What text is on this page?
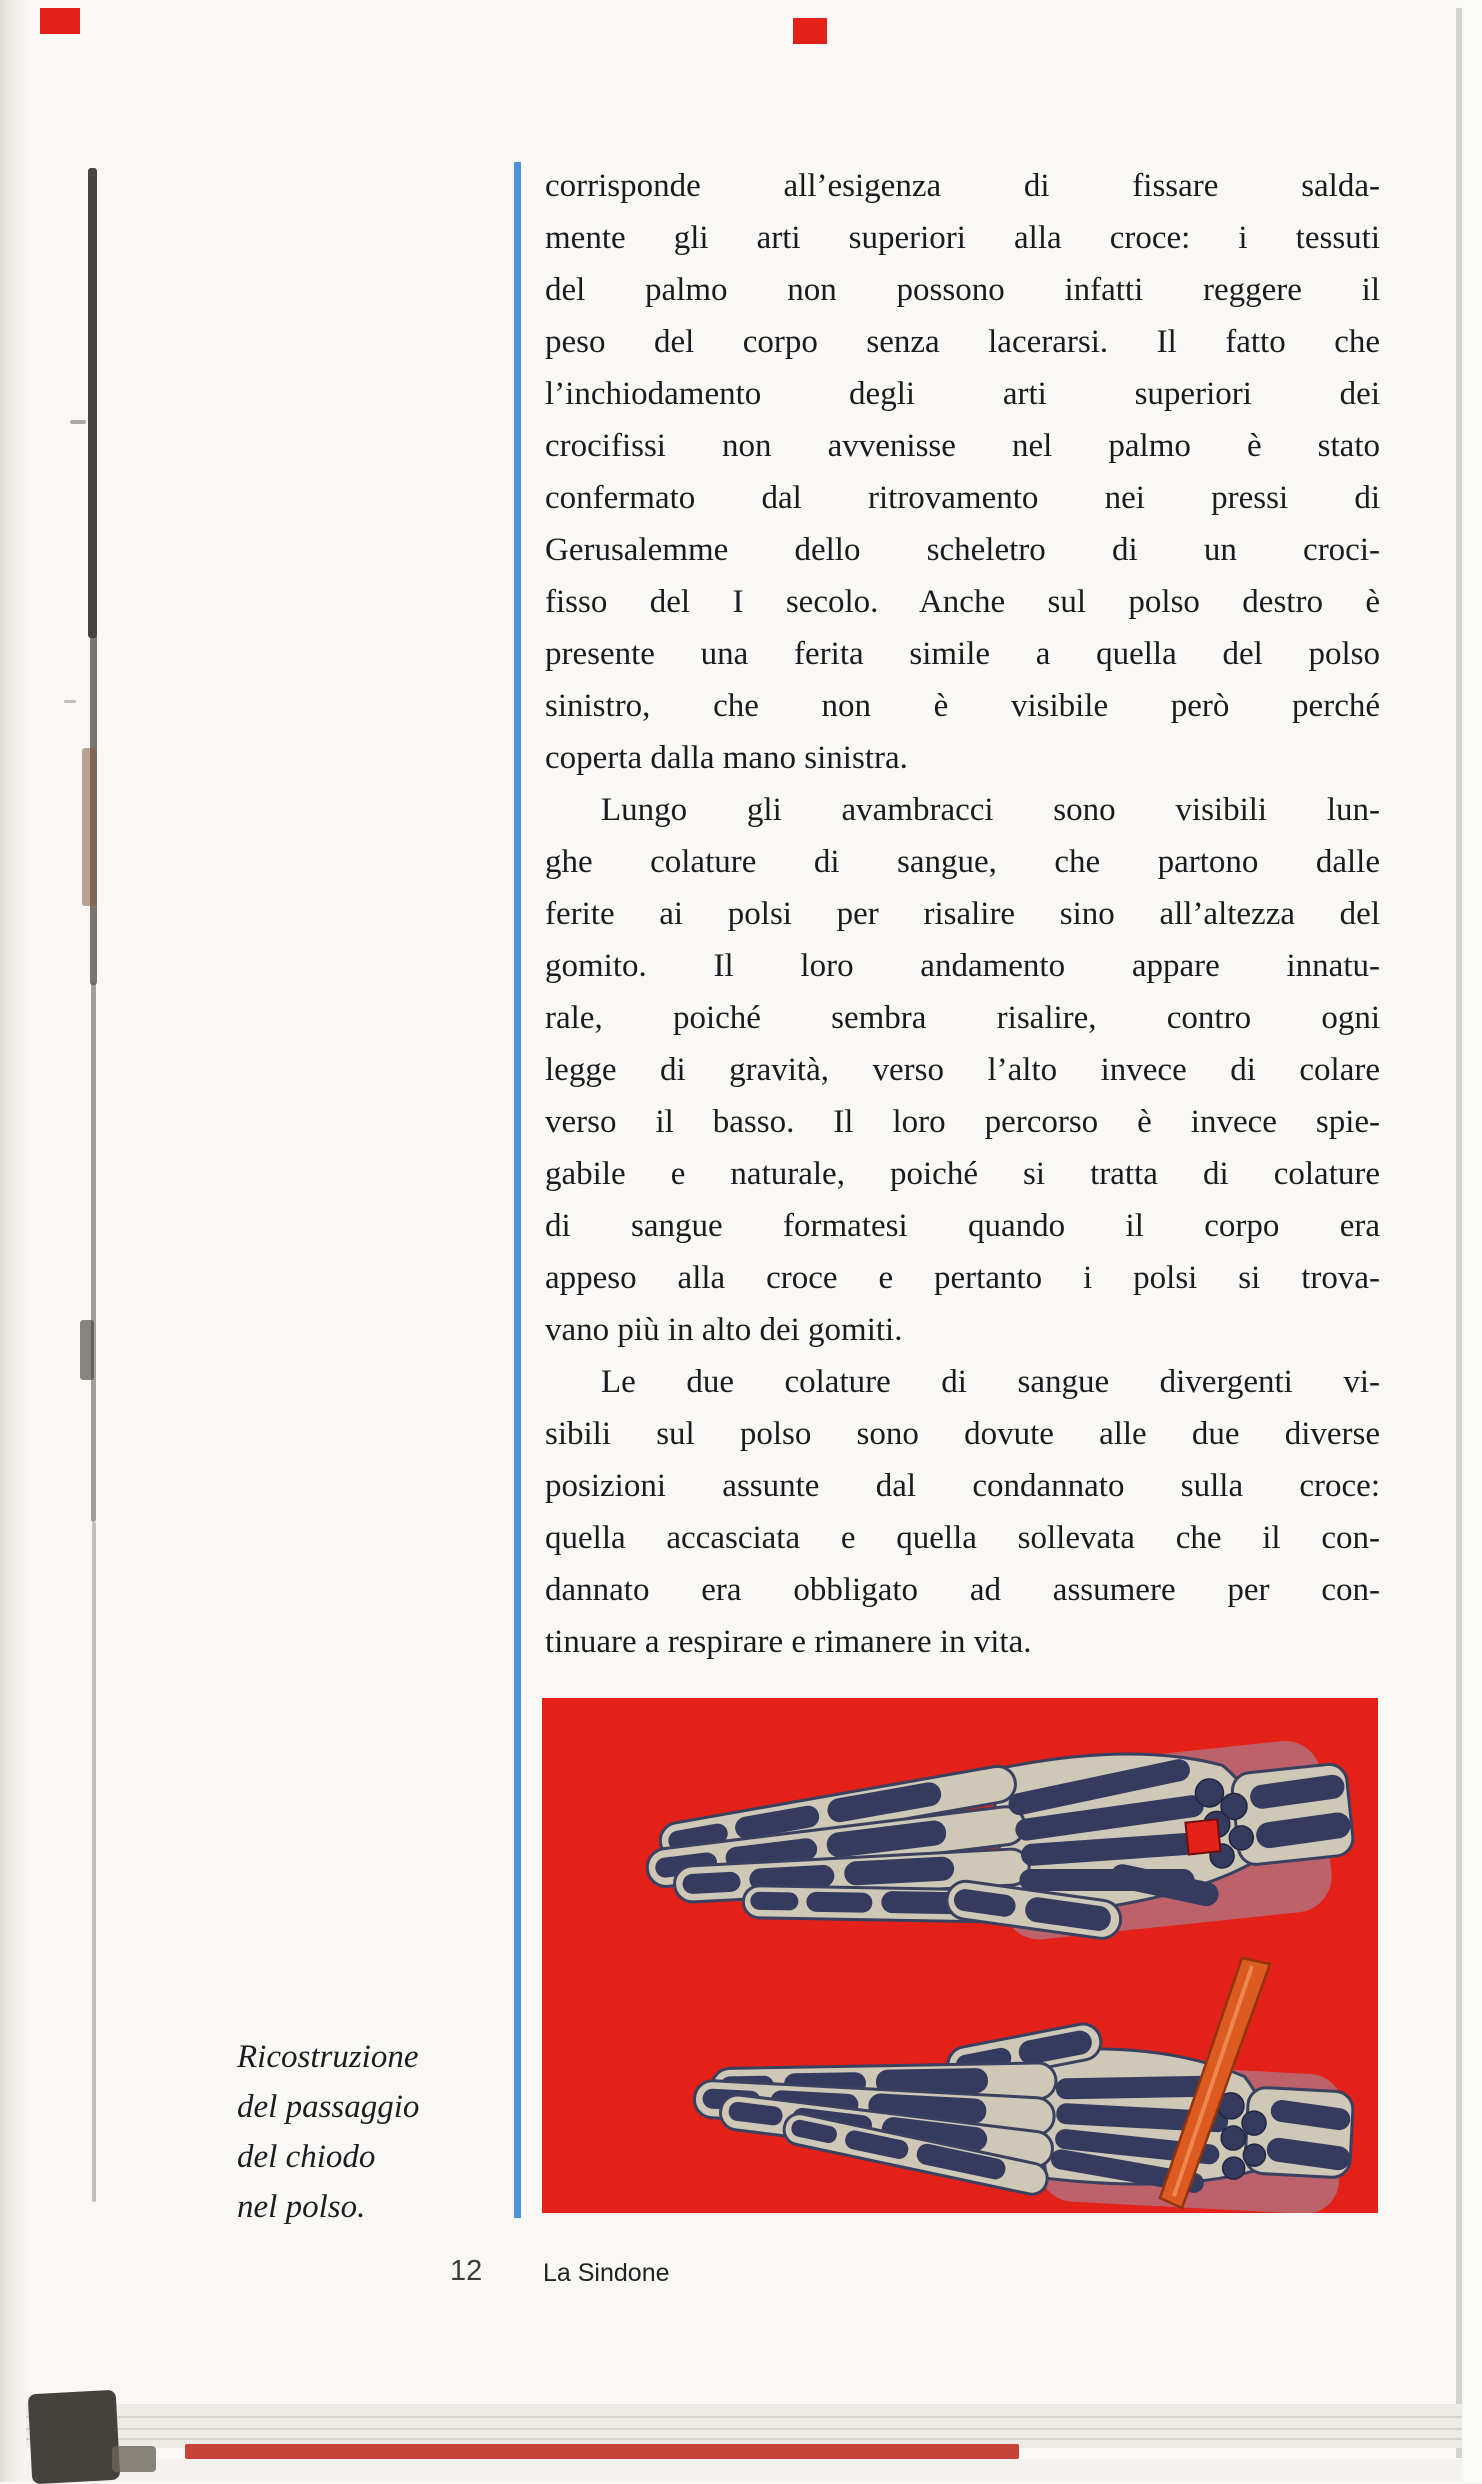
corrisponde all’esigenza di fissare salda-
mente gli arti superiori alla croce: i tessuti
del palmo non possono infatti reggere il
peso del corpo senza lacerarsi. Il fatto che
l’inchiodamento degli arti superiori dei
crocifissi non avvenisse nel palmo è stato
confermato dal ritrovamento nei pressi di
Gerusalemme dello scheletro di un croci-
fisso del I secolo. Anche sul polso destro è
presente una ferita simile a quella del polso
sinistro, che non è visibile però perché
coperta dalla mano sinistra.
Lungo gli avambracci sono visibili lun-
ghe colature di sangue, che partono dalle
ferite ai polsi per risalire sino all’altezza del
gomito. Il loro andamento appare innatu-
rale, poiché sembra risalire, contro ogni
legge di gravità, verso l’alto invece di colare
verso il basso. Il loro percorso è invece spie-
gabile e naturale, poiché si tratta di colature
di sangue formatesi quando il corpo era
appeso alla croce e pertanto i polsi si trova-
vano più in alto dei gomiti.
Le due colature di sangue divergenti vi-
sibili sul polso sono dovute alle due diverse
posizioni assunte dal condannato sulla croce:
quella accasciata e quella sollevata che il con-
dannato era obbligato ad assumere per con-
tinuare a respirare e rimanere in vita.
Ricostruzione
del passaggio
del chiodo
nel polso.
12 La Sindone
